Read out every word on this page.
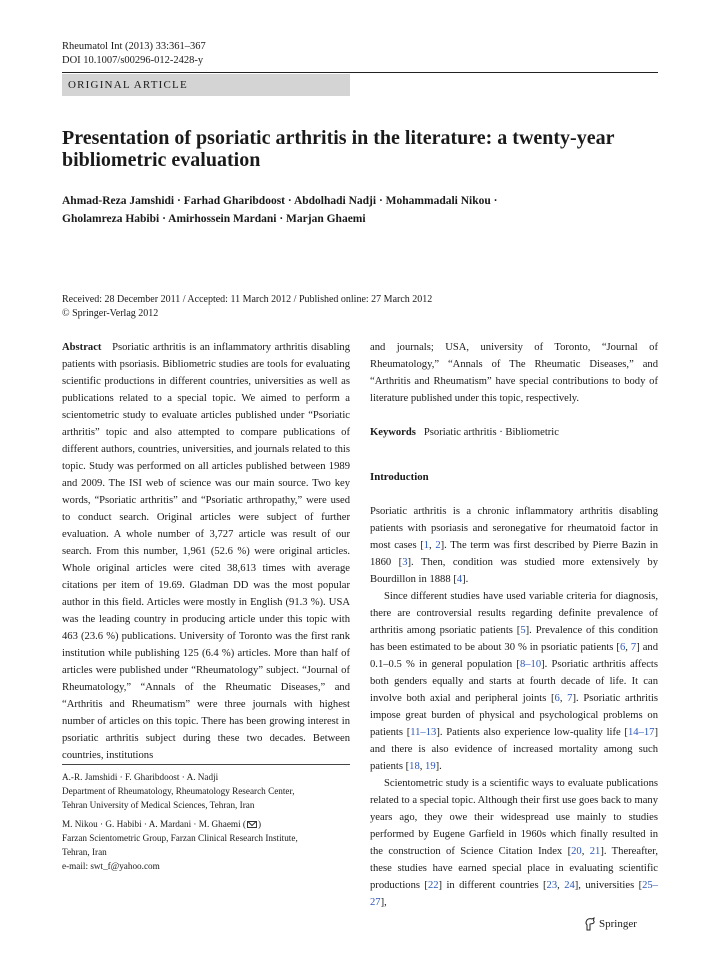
Rheumatol Int (2013) 33:361–367
DOI 10.1007/s00296-012-2428-y
ORIGINAL ARTICLE
Presentation of psoriatic arthritis in the literature: a twenty-year bibliometric evaluation
Ahmad-Reza Jamshidi · Farhad Gharibdoost · Abdolhadi Nadji · Mohammadali Nikou ·
Gholamreza Habibi · Amirhossein Mardani · Marjan Ghaemi
Received: 28 December 2011 / Accepted: 11 March 2012 / Published online: 27 March 2012
© Springer-Verlag 2012

Abstract Psoriatic arthritis is an inflammatory arthritis disabling patients with psoriasis. Bibliometric studies are tools for evaluating scientific productions in different countries, universities as well as publications related to a special topic. We aimed to perform a scientometric study to evaluate articles published under “Psoriatic arthritis” topic and also attempted to compare publications of different authors, countries, universities, and journals related to this topic. Study was performed on all articles published between 1989 and 2009. The ISI web of science was our main source. Two key words, “Psoriatic arthritis” and “Psoriatic arthropathy,” were used to conduct search. Original articles were subject of further evaluation. A whole number of 3,727 article was result of our search. From this number, 1,961 (52.6 %) were original articles. Whole original articles were cited 38,613 times with average citations per item of 19.69. Gladman DD was the most popular author in this field. Articles were mostly in English (91.3 %). USA was the leading country in producing article under this topic with 463 (23.6 %) publications. University of Toronto was the first rank institution while publishing 125 (6.4 %) articles. More than half of articles were published under “Rheumatology” subject. “Journal of Rheumatology,” “Annals of the Rheumatic Diseases,” and “Arthritis and Rheumatism” were three journals with highest number of articles on this topic. There has been growing interest in psoriatic arthritis subject during these two decades. Between countries, institutions

and journals; USA, university of Toronto, “Journal of Rheumatology,” “Annals of The Rheumatic Diseases,” and “Arthritis and Rheumatism” have special contributions to body of literature published under this topic, respectively.

Keywords Psoriatic arthritis · Bibliometric

Introduction

Psoriatic arthritis is a chronic inflammatory arthritis disabling patients with psoriasis and seronegative for rheumatoid factor in most cases [1, 2]. The term was first described by Pierre Bazin in 1860 [3]. Then, condition was studied more extensively by Bourdillon in 1888 [4].

Since different studies have used variable criteria for diagnosis, there are controversial results regarding definite prevalence of arthritis among psoriatic patients [5]. Prevalence of this condition has been estimated to be about 30 % in psoriatic patients [6, 7] and 0.1–0.5 % in general population [8–10]. Psoriatic arthritis affects both genders equally and starts at fourth decade of life. It can involve both axial and peripheral joints [6, 7]. Psoriatic arthritis impose great burden of physical and psychological problems on patients [11–13]. Patients also experience low-quality life [14–17] and there is also evidence of increased mortality among such patients [18, 19].

Scientometric study is a scientific ways to evaluate publications related to a special topic. Although their first use goes back to many years ago, they owe their widespread use mainly to studies performed by Eugene Garfield in 1960s which finally resulted in the construction of Science Citation Index [20, 21]. Thereafter, these studies have earned special place in evaluating scientific productions [22] in different countries [23, 24], universities [25–27],

A.-R. Jamshidi · F. Gharibdoost · A. Nadji
Department of Rheumatology, Rheumatology Research Center,
Tehran University of Medical Sciences, Tehran, Iran
M. Nikou · G. Habibi · A. Mardani · M. Ghaemi ( )
Farzan Scientometric Group, Farzan Clinical Research Institute,
Tehran, Iran
e-mail: swt_f@yahoo.com
Springer
